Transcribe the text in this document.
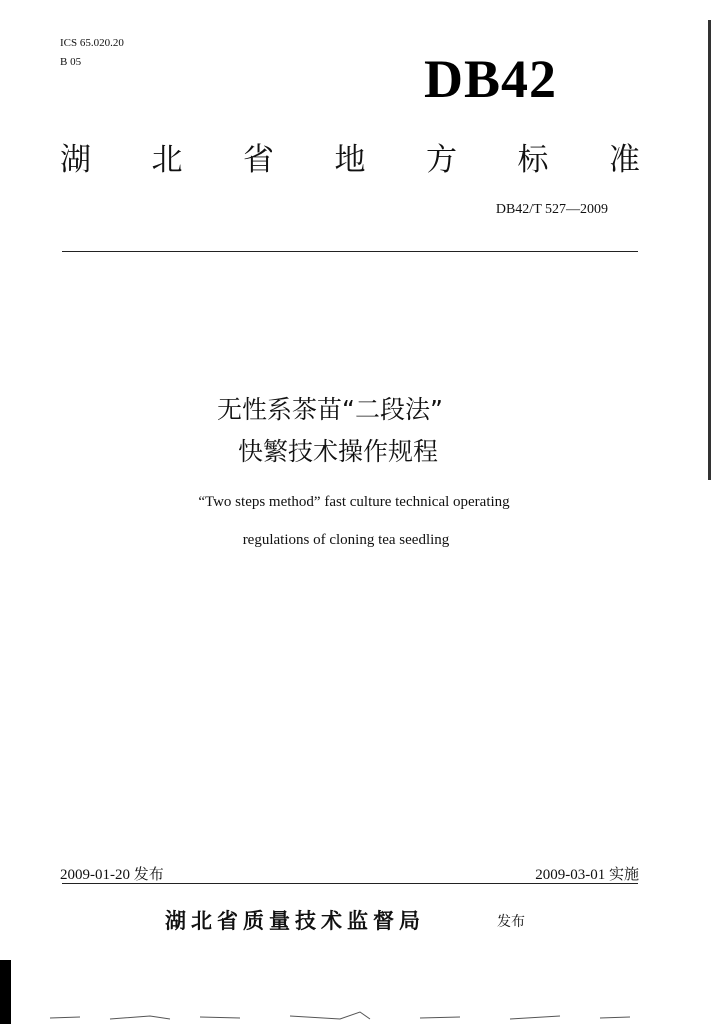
ICS 65.020.20
B 05	DB42
湖 北 省 地 方 标 准
DB42/T 527—2009
无性系茶苗“二段法”
快繁技术操作规程
“Two steps method” fast culture technical operating
regulations of cloning tea seedling
2009-01-20 发布	2009-03-01 实施
湖北省质量技术监督局	发布
